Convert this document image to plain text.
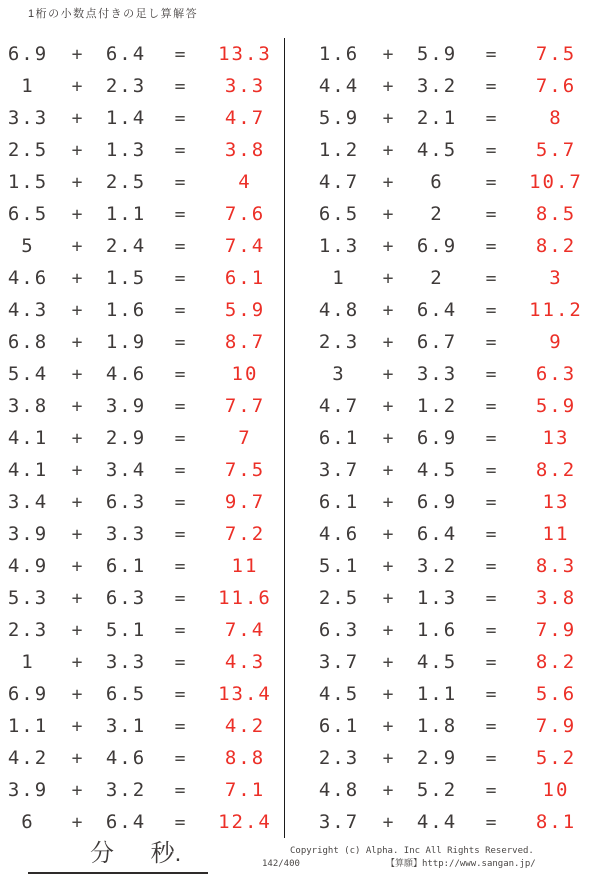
1桁の小数点付きの足し算解答
6.9	+	6.4	=	13.3
1	+	2.3	=	3.3
3.3	+	1.4	=	4.7
2.5	+	1.3	=	3.8
1.5	+	2.5	=	4
6.5	+	1.1	=	7.6
5	+	2.4	=	7.4
4.6	+	1.5	=	6.1
4.3	+	1.6	=	5.9
6.8	+	1.9	=	8.7
5.4	+	4.6	=	10
3.8	+	3.9	=	7.7
4.1	+	2.9	=	7
4.1	+	3.4	=	7.5
3.4	+	6.3	=	9.7
3.9	+	3.3	=	7.2
4.9	+	6.1	=	11
5.3	+	6.3	=	11.6
2.3	+	5.1	=	7.4
1	+	3.3	=	4.3
6.9	+	6.5	=	13.4
1.1	+	3.1	=	4.2
4.2	+	4.6	=	8.8
3.9	+	3.2	=	7.1
6	+	6.4	=	12.4
1.6	+	5.9	=	7.5
4.4	+	3.2	=	7.6
5.9	+	2.1	=	8
1.2	+	4.5	=	5.7
4.7	+	6	=	10.7
6.5	+	2	=	8.5
1.3	+	6.9	=	8.2
1	+	2	=	3
4.8	+	6.4	=	11.2
2.3	+	6.7	=	9
3	+	3.3	=	6.3
4.7	+	1.2	=	5.9
6.1	+	6.9	=	13
3.7	+	4.5	=	8.2
6.1	+	6.9	=	13
4.6	+	6.4	=	11
5.1	+	3.2	=	8.3
2.5	+	1.3	=	3.8
6.3	+	1.6	=	7.9
3.7	+	4.5	=	8.2
4.5	+	1.1	=	5.6
6.1	+	1.8	=	7.9
2.3	+	2.9	=	5.2
4.8	+	5.2	=	10
3.7	+	4.4	=	8.1
分 秒.	Copyright (c) Alpha. Inc All Rights Reserved.
142/400	【算願】http://www.sangan.jp/
